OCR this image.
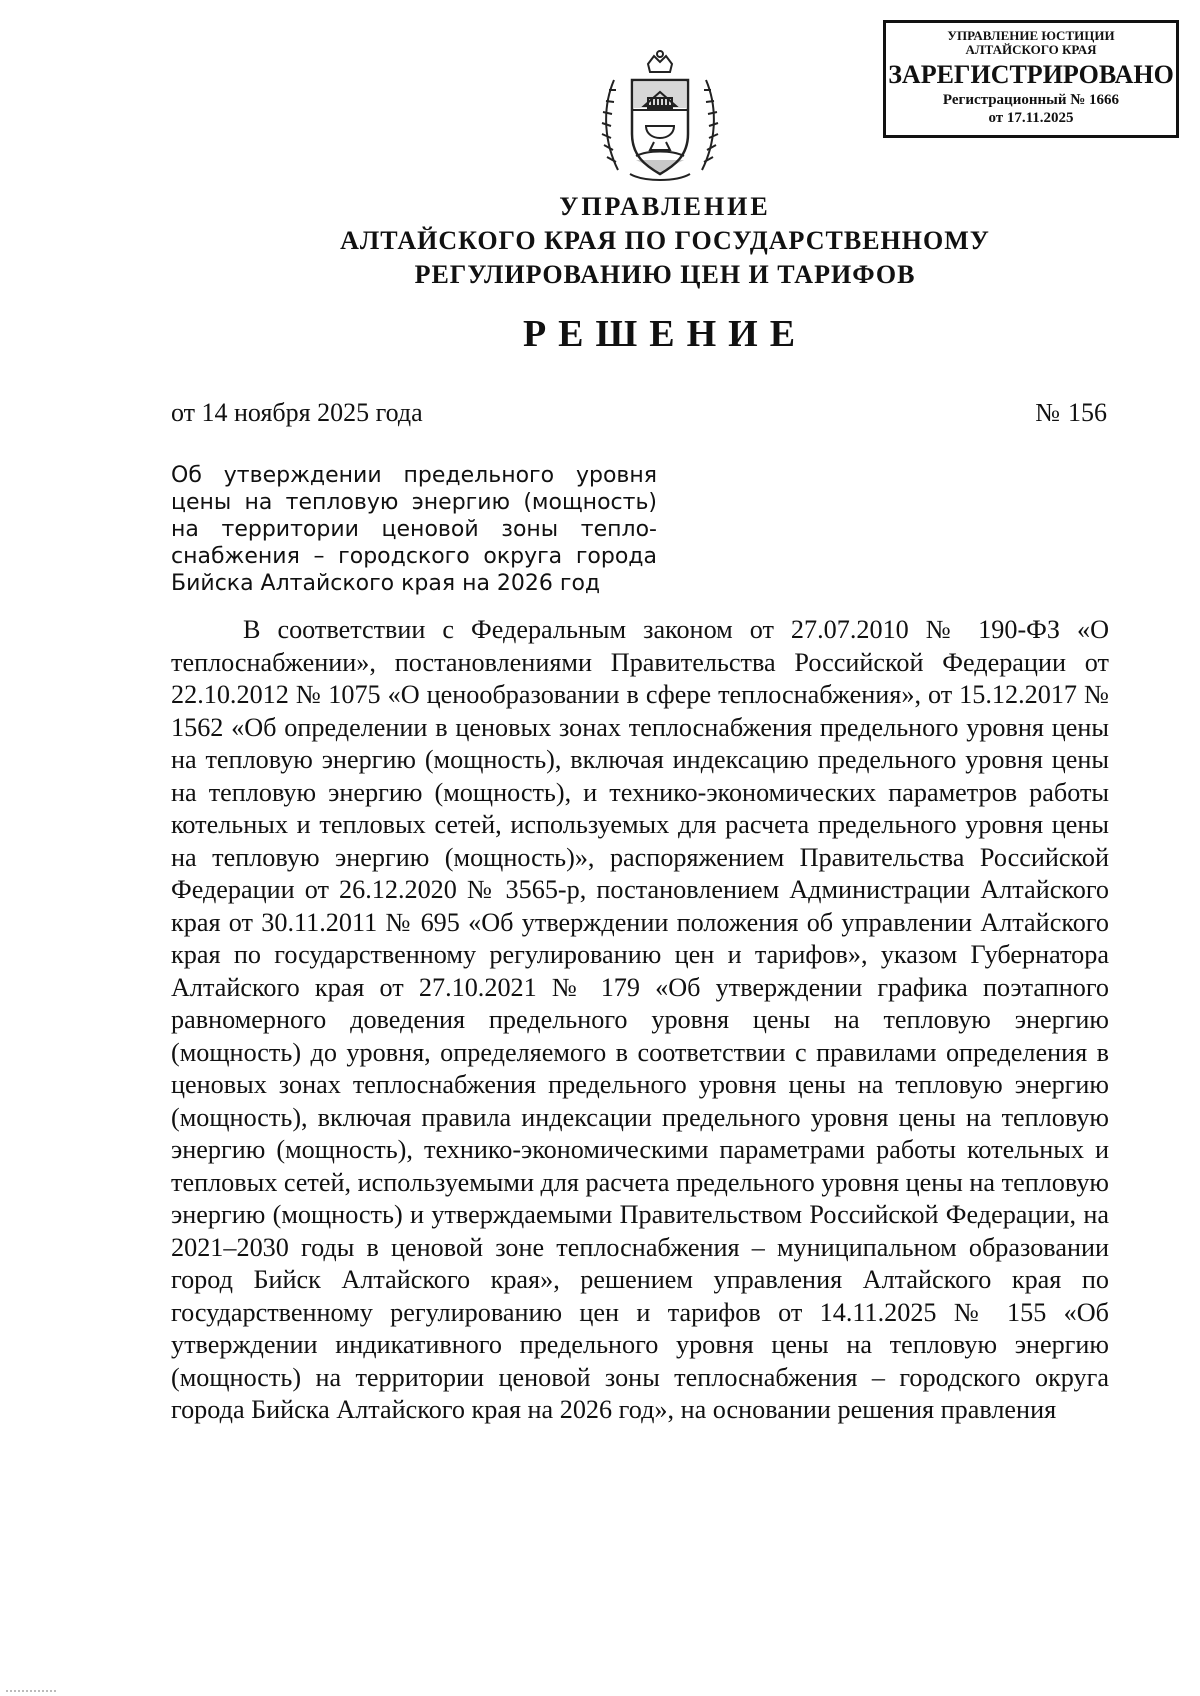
УПРАВЛЕНИЕ ЮСТИЦИИ
АЛТАЙСКОГО КРАЯ
ЗАРЕГИСТРИРОВАНО
Регистрационный № 1666
от 17.11.2025
УПРАВЛЕНИЕ
АЛТАЙСКОГО КРАЯ ПО ГОСУДАРСТВЕННОМУ
РЕГУЛИРОВАНИЮ ЦЕН И ТАРИФОВ
РЕШЕНИЕ
от 14 ноября 2025 года	№ 156
Об утверждении предельного уровня цены на тепловую энергию (мощность) на территории ценовой зоны тепло-снабжения – городского округа города Бийска Алтайского края на 2026 год

В соответствии с Федеральным законом от 27.07.2010 № 190-ФЗ «О теплоснабжении», постановлениями Правительства Российской Федерации от 22.10.2012 № 1075 «О ценообразовании в сфере теплоснабжения», от 15.12.2017 № 1562 «Об определении в ценовых зонах теплоснабжения предельного уровня цены на тепловую энергию (мощность), включая индексацию предельного уровня цены на тепловую энергию (мощность), и технико-экономических параметров работы котельных и тепловых сетей, используемых для расчета предельного уровня цены на тепловую энергию (мощность)», распоряжением Правительства Российской Федерации от 26.12.2020 № 3565-р, постановлением Администрации Алтайского края от 30.11.2011 № 695 «Об утверждении положения об управлении Алтайского края по государственному регулированию цен и тарифов», указом Губернатора Алтайского края от 27.10.2021 № 179 «Об утверждении графика поэтапного равномерного доведения предельного уровня цены на тепловую энергию (мощность) до уровня, определяемого в соответствии с правилами определения в ценовых зонах теплоснабжения предельного уровня цены на тепловую энергию (мощность), включая правила индексации предельного уровня цены на тепловую энергию (мощность), технико-экономическими параметрами работы котельных и тепловых сетей, используемыми для расчета предельного уровня цены на тепловую энергию (мощность) и утверждаемыми Правительством Российской Федерации, на 2021–2030 годы в ценовой зоне теплоснабжения – муниципальном образовании город Бийск Алтайского края», решением управления Алтайского края по государственному регулированию цен и тарифов от 14.11.2025 № 155 «Об утверждении индикативного предельного уровня цены на тепловую энергию (мощность) на территории ценовой зоны теплоснабжения – городского округа города Бийска Алтайского края на 2026 год», на основании решения правления
